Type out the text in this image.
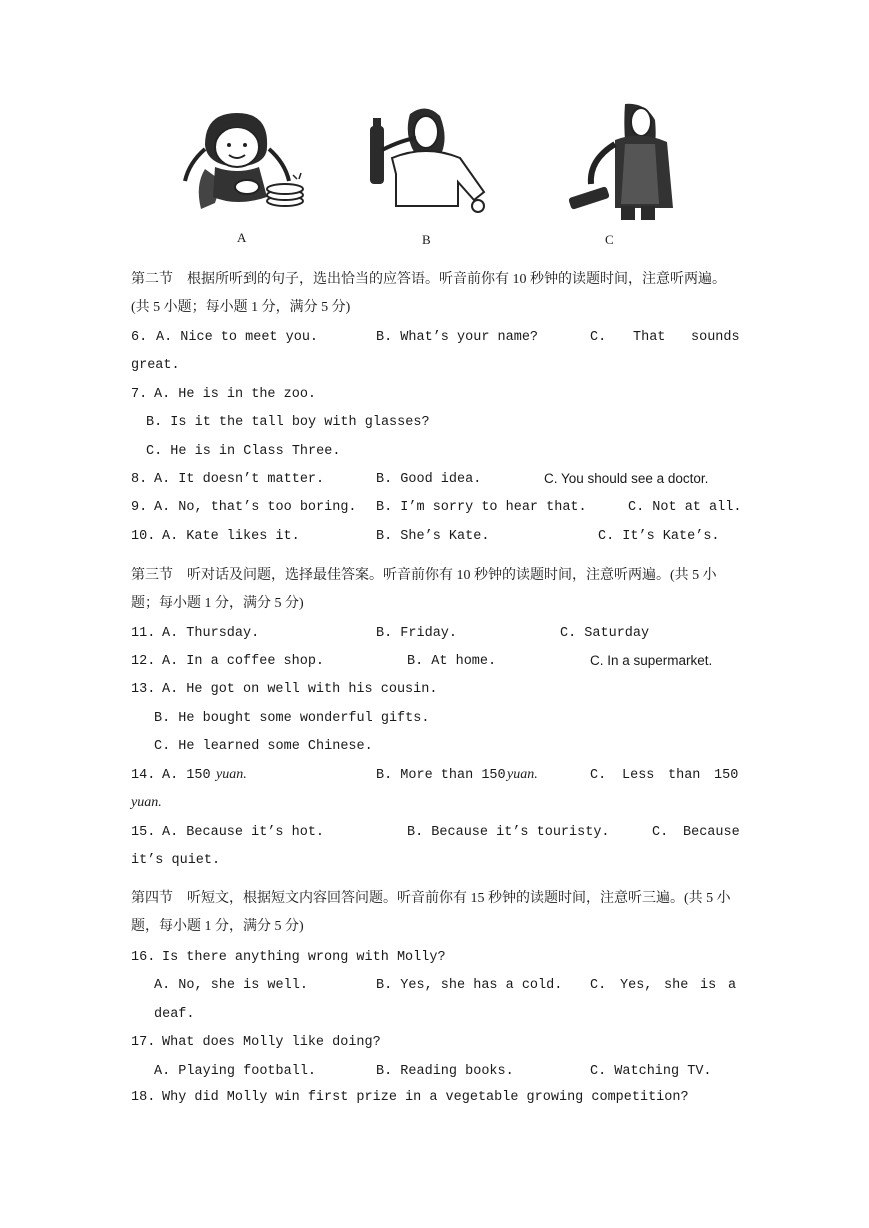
A	B	C
第二节　根据所听到的句子，选出恰当的应答语。听音前你有 10 秒钟的读题时间，注意听两遍。(共 5 小题；每小题 1 分，满分 5 分)
6. A. Nice to meet you.	B. What’s your name?	C. That sounds
great.
7. A. He is in the zoo.
B. Is it the tall boy with glasses?
C. He is in Class Three.
8. A. It doesn’t matter.	B. Good idea.	C. You should see a doctor.
9. A. No, that’s too boring. B. I’m sorry to hear that.	C. Not at all.
10. A. Kate likes it.	B. She’s Kate.	C. It’s Kate’s.
第三节　听对话及问题，选择最佳答案。听音前你有 10 秒钟的读题时间，注意听两遍。(共 5 小题；每小题 1 分，满分 5 分)
11. A. Thursday.	B. Friday.	C. Saturday
12. A. In a coffee shop.	B. At home.	C. In a supermarket.
13. A. He got on well with his cousin.
B. He bought some wonderful gifts.
C. He learned some Chinese.
14. A. 150 yuan.	B. More than 150 yuan.	C. Less than 150
yuan.
15. A. Because it’s hot.	B. Because it’s touristy.	C. Because
it’s quiet.
第四节　听短文，根据短文内容回答问题。听音前你有 15 秒钟的读题时间，注意听三遍。(共 5 小题，每小题 1 分，满分 5 分)
16. Is there anything wrong with Molly?
A. No, she is well.	B. Yes, she has a cold. C. Yes, she is a
deaf.
17. What does Molly like doing?
A. Playing football.	B. Reading books.	C. Watching TV.
18. Why did Molly win first prize in a vegetable growing competition?
